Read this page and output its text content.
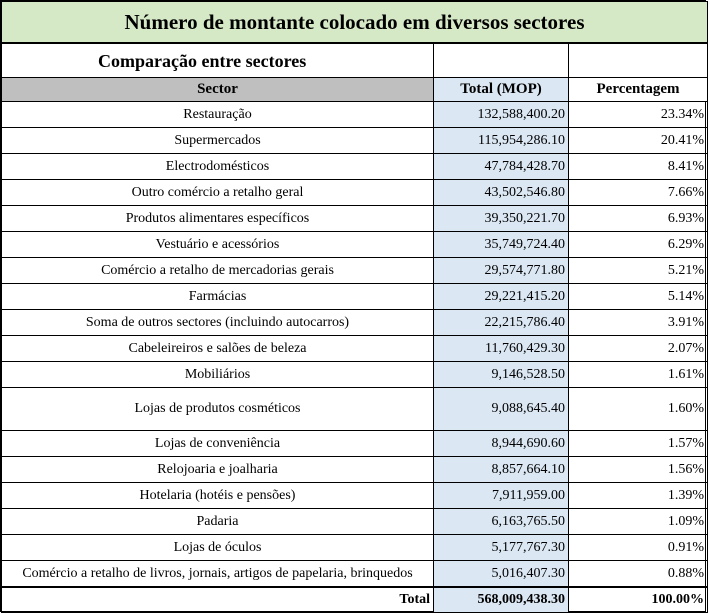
Número de montante colocado em diversos sectores		
Comparação entre sectores		
Sector	Total (MOP)	Percentagem
Restauração	132,588,400.20	23.34%
Supermercados	115,954,286.10	20.41%
Electrodomésticos	47,784,428.70	8.41%
Outro comércio a retalho geral	43,502,546.80	7.66%
Produtos alimentares específicos	39,350,221.70	6.93%
Vestuário e acessórios	35,749,724.40	6.29%
Comércio a retalho de mercadorias gerais	29,574,771.80	5.21%
Farmácias	29,221,415.20	5.14%
Soma de outros sectores (incluindo autocarros)	22,215,786.40	3.91%
Cabeleireiros e salões de beleza	11,760,429.30	2.07%
Mobiliários	9,146,528.50	1.61%
Lojas de produtos cosméticos	9,088,645.40	1.60%
Lojas de conveniência	8,944,690.60	1.57%
Relojoaria e joalharia	8,857,664.10	1.56%
Hotelaria (hotéis e pensões)	7,911,959.00	1.39%
Padaria	6,163,765.50	1.09%
Lojas de óculos	5,177,767.30	0.91%
Comércio a retalho de livros, jornais, artigos de papelaria, brinquedos	5,016,407.30	0.88%
Total	568,009,438.30	100.00%
